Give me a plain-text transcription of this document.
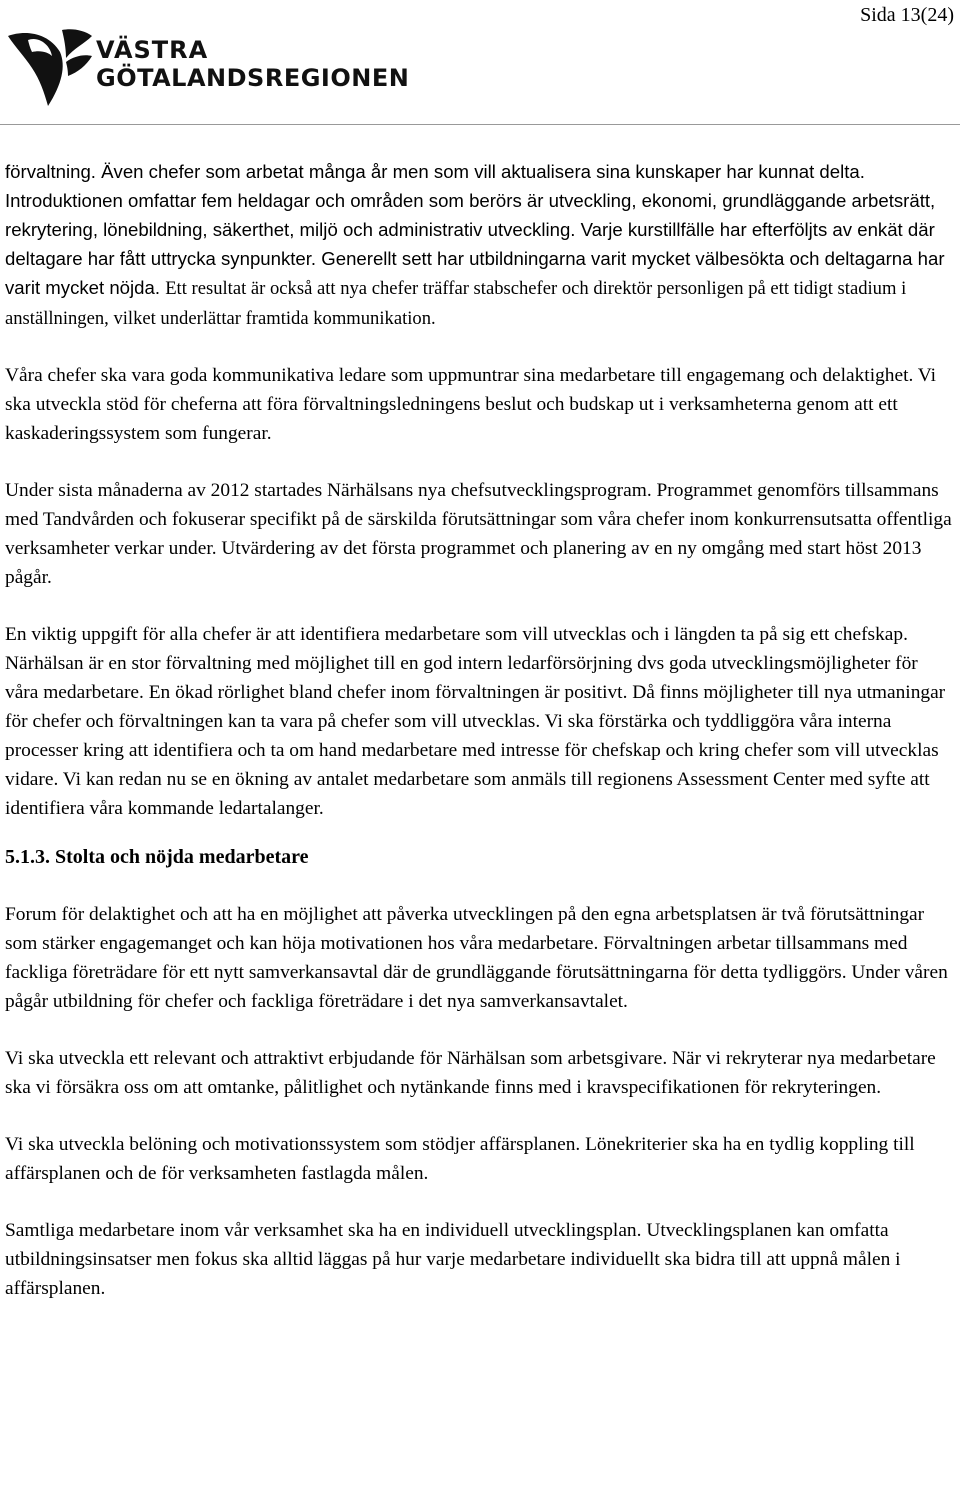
VÄSTRA
GÖTALANDSREGIONEN
Sida 13(24)

förvaltning. Även chefer som arbetat många år men som vill aktualisera sina kunskaper har kunnat delta. Introduktionen omfattar fem heldagar och områden som berörs är utveckling, ekonomi, grundläggande arbetsrätt, rekrytering, lönebildning, säkerthet, miljö och administrativ utveckling. Varje kurstillfälle har efterföljts av enkät där deltagare har fått uttrycka synpunkter. Generellt sett har utbildningarna varit mycket välbesökta och deltagarna har varit mycket nöjda. Ett resultat är också att nya chefer träffar stabschefer och direktör personligen på ett tidigt stadium i anställningen, vilket underlättar framtida kommunikation.

Våra chefer ska vara goda kommunikativa ledare som uppmuntrar sina medarbetare till engagemang och delaktighet. Vi ska utveckla stöd för cheferna att föra förvaltningsledningens beslut och budskap ut i verksamheterna genom att ett kaskaderingssystem som fungerar.

Under sista månaderna av 2012 startades Närhälsans nya chefsutvecklingsprogram. Programmet genomförs tillsammans med Tandvården och fokuserar specifikt på de särskilda förutsättningar som våra chefer inom konkurrensutsatta offentliga verksamheter verkar under. Utvärdering av det första programmet och planering av en ny omgång med start höst 2013 pågår.

En viktig uppgift för alla chefer är att identifiera medarbetare som vill utvecklas och i längden ta på sig ett chefskap. Närhälsan är en stor förvaltning med möjlighet till en god intern ledarförsörjning dvs goda utvecklingsmöjligheter för våra medarbetare. En ökad rörlighet bland chefer inom förvaltningen är positivt. Då finns möjligheter till nya utmaningar för chefer och förvaltningen kan ta vara på chefer som vill utvecklas. Vi ska förstärka och tyddliggöra våra interna processer kring att identifiera och ta om hand medarbetare med intresse för chefskap och kring chefer som vill utvecklas vidare. Vi kan redan nu se en ökning av antalet medarbetare som anmäls till regionens Assessment Center med syfte att identifiera våra kommande ledartalanger.

5.1.3. Stolta och nöjda medarbetare

Forum för delaktighet och att ha en möjlighet att påverka utvecklingen på den egna arbetsplatsen är två förutsättningar som stärker engagemanget och kan höja motivationen hos våra medarbetare. Förvaltningen arbetar tillsammans med fackliga företrädare för ett nytt samverkansavtal där de grundläggande förutsättningarna för detta tydliggörs. Under våren pågår utbildning för chefer och fackliga företrädare i det nya samverkansavtalet.

Vi ska utveckla ett relevant och attraktivt erbjudande för Närhälsan som arbetsgivare. När vi rekryterar nya medarbetare ska vi försäkra oss om att omtanke, pålitlighet och nytänkande finns med i kravspecifikationen för rekryteringen.

Vi ska utveckla belöning och motivationssystem som stödjer affärsplanen. Lönekriterier ska ha en tydlig koppling till affärsplanen och de för verksamheten fastlagda målen.

Samtliga medarbetare inom vår verksamhet ska ha en individuell utvecklingsplan. Utvecklingsplanen kan omfatta utbildningsinsatser men fokus ska alltid läggas på hur varje medarbetare individuellt ska bidra till att uppnå målen i affärsplanen.
